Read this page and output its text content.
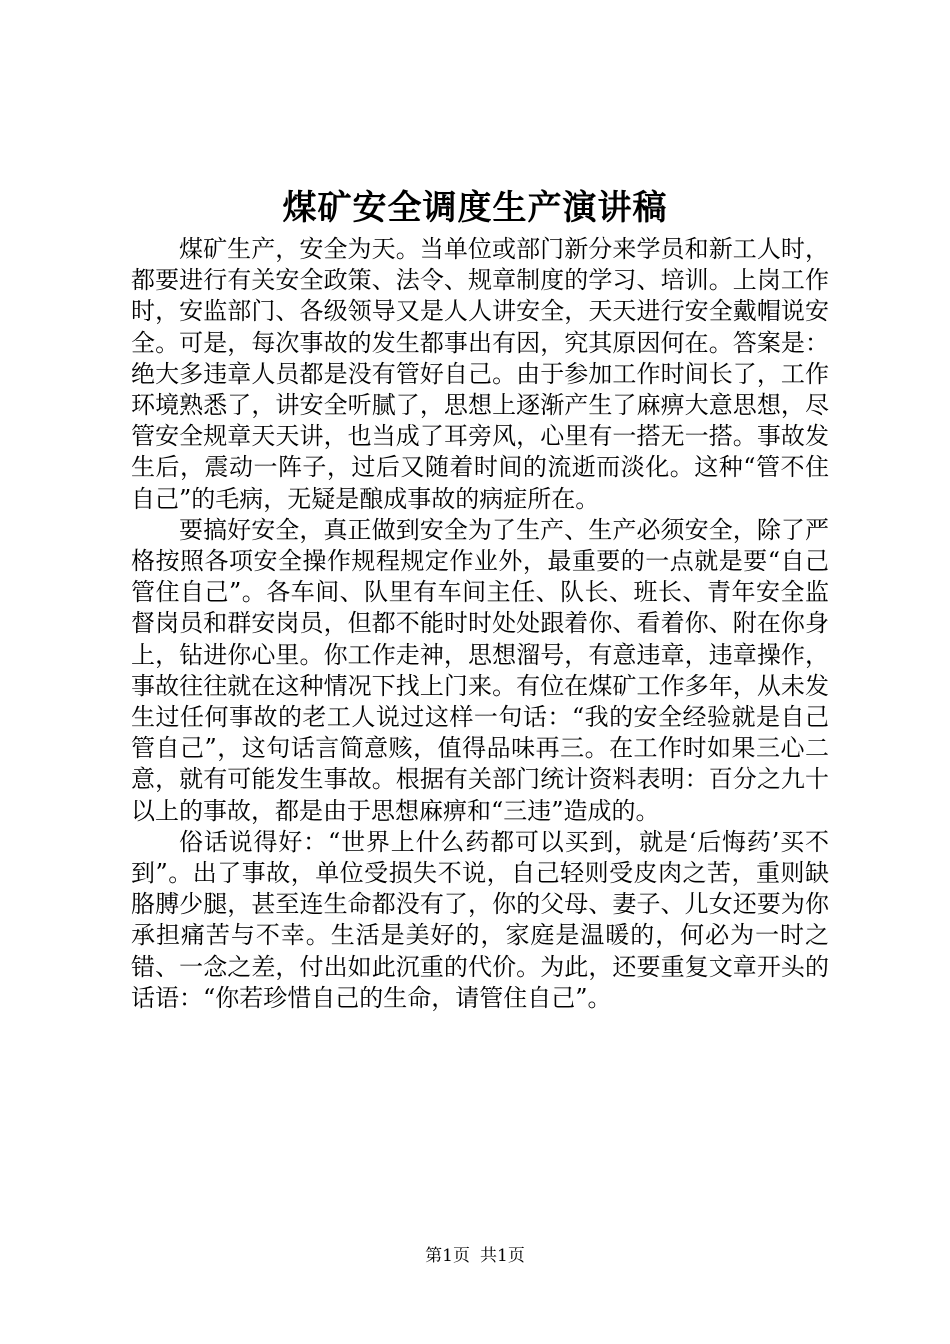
煤矿安全调度生产演讲稿

煤矿生产，安全为天。当单位或部门新分来学员和新工人时，都要进行有关安全政策、法令、规章制度的学习、培训。上岗工作时，安监部门、各级领导又是人人讲安全，天天进行安全戴帽说安全。可是，每次事故的发生都事出有因，究其原因何在。答案是：绝大多违章人员都是没有管好自己。由于参加工作时间长了，工作环境熟悉了，讲安全听腻了，思想上逐渐产生了麻痹大意思想，尽管安全规章天天讲，也当成了耳旁风，心里有一搭无一搭。事故发生后，震动一阵子，过后又随着时间的流逝而淡化。这种“管不住自己”的毛病，无疑是酿成事故的病症所在。

要搞好安全，真正做到安全为了生产、生产必须安全，除了严格按照各项安全操作规程规定作业外，最重要的一点就是要“自己管住自己”。各车间、队里有车间主任、队长、班长、青年安全监督岗员和群安岗员，但都不能时时处处跟着你、看着你、附在你身上，钻进你心里。你工作走神，思想溜号，有意违章，违章操作，事故往往就在这种情况下找上门来。有位在煤矿工作多年，从未发生过任何事故的老工人说过这样一句话：“我的安全经验就是自己管自己”，这句话言简意赅，值得品味再三。在工作时如果三心二意，就有可能发生事故。根据有关部门统计资料表明：百分之九十以上的事故，都是由于思想麻痹和“三违”造成的。

俗话说得好：“世界上什么药都可以买到，就是‘后悔药’买不到”。出了事故，单位受损失不说，自己轻则受皮肉之苦，重则缺胳膊少腿，甚至连生命都没有了，你的父母、妻子、儿女还要为你承担痛苦与不幸。生活是美好的，家庭是温暖的，何必为一时之错、一念之差，付出如此沉重的代价。为此，还要重复文章开头的话语：“你若珍惜自己的生命，请管住自己”。

第1页 共1页
